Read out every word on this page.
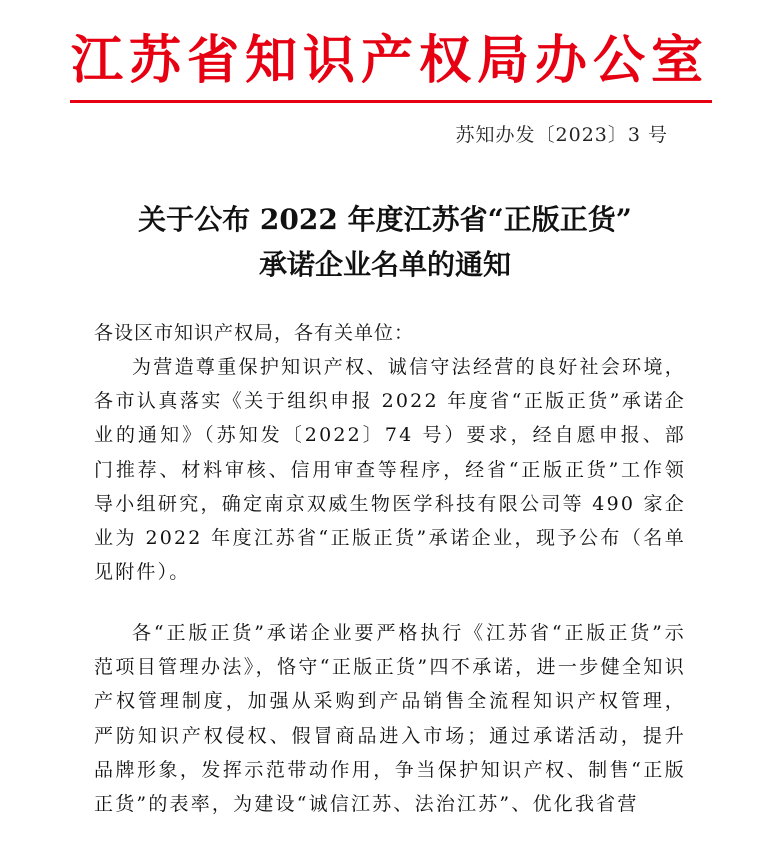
江苏省知识产权局办公室
苏知办发〔2023〕3 号
关于公布 2022 年度江苏省“正版正货”
承诺企业名单的通知
各设区市知识产权局，各有关单位：

为营造尊重保护知识产权、诚信守法经营的良好社会环境，各市认真落实《关于组织申报 2022 年度省“正版正货”承诺企业的通知》（苏知发〔2022〕74 号）要求，经自愿申报、部门推荐、材料审核、信用审查等程序，经省“正版正货”工作领导小组研究，确定南京双威生物医学科技有限公司等 490 家企业为 2022 年度江苏省“正版正货”承诺企业，现予公布（名单见附件）。

各“正版正货”承诺企业要严格执行《江苏省“正版正货”示范项目管理办法》，恪守“正版正货”四不承诺，进一步健全知识产权管理制度，加强从采购到产品销售全流程知识产权管理，严防知识产权侵权、假冒商品进入市场；通过承诺活动，提升品牌形象，发挥示范带动作用，争当保护知识产权、制售“正版正货”的表率，为建设“诚信江苏、法治江苏”、优化我省营
